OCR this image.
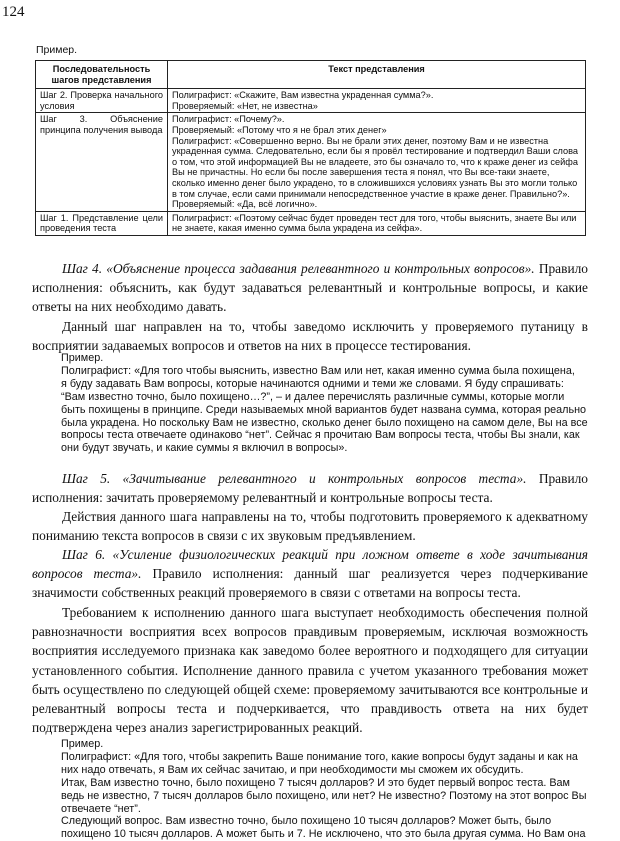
124
Пример.
Последовательность шагов представления	Текст представления
Шаг 2. Проверка начального условия	Полиграфист: «Скажите, Вам известна украденная сумма?».
Проверяемый: «Нет, не известна»

Шаг 3. Объяснение принципа получения вывода	Полиграфист: «Почему?».
Проверяемый: «Потому что я не брал этих денег»
Полиграфист: «Совершенно верно. Вы не брали этих денег, поэтому Вам и не известна украденная сумма. Следовательно, если бы я провёл тестирование и подтвердил Ваши слова о том, что этой информацией Вы не владеете, это бы означало то, что к краже денег из сейфа Вы не причастны. Но если бы после завершения теста я понял, что Вы все-таки знаете, сколько именно денег было украдено, то в сложившихся условиях узнать Вы это могли только в том случае, если сами принимали непосредственное участие в краже денег. Правильно?».
Проверяемый: «Да, всё логично».

Шаг 1. Представление цели проведения теста	Полиграфист: «Поэтому сейчас будет проведен тест для того, чтобы выяснить, знаете Вы или не знаете, какая именно сумма была украдена из сейфа».
Шаг 4. «Объяснение процесса задавания релевантного и контрольных вопросов». Правило исполнения: объяснить, как будут задаваться релевантный и контрольные вопросы, и какие ответы на них необходимо давать.
Данный шаг направлен на то, чтобы заведомо исключить у проверяемого путаницу в восприятии задаваемых вопросов и ответов на них в процессе тестирования.
Пример.
Полиграфист: «Для того чтобы выяснить, известно Вам или нет, какая именно сумма была похищена,
я буду задавать Вам вопросы, которые начинаются одними и теми же словами. Я буду спрашивать:
“Вам известно точно, было похищено…?”, – и далее перечислять различные суммы, которые могли
быть похищены в принципе. Среди называемых мной вариантов будет названа сумма, которая реально
была украдена. Но поскольку Вам не известно, сколько денег было похищено на самом деле, Вы на все
вопросы теста отвечаете одинаково “нет”. Сейчас я прочитаю Вам вопросы теста, чтобы Вы знали, как
они будут звучать, и какие суммы я включил в вопросы».
Шаг 5. «Зачитывание релевантного и контрольных вопросов теста». Правило исполнения: зачитать проверяемому релевантный и контрольные вопросы теста.
Действия данного шага направлены на то, чтобы подготовить проверяемого к адекватному пониманию текста вопросов в связи с их звуковым предъявлением.
Шаг 6. «Усиление физиологических реакций при ложном ответе в ходе зачитывания вопросов теста». Правило исполнения: данный шаг реализуется через подчеркивание значимости собственных реакций проверяемого в связи с ответами на вопросы теста.
Требованием к исполнению данного шага выступает необходимость обеспечения полной равнозначности восприятия всех вопросов правдивым проверяемым, исключая возможность восприятия исследуемого признака как заведомо более вероятного и подходящего для ситуации установленного события. Исполнение данного правила с учетом указанного требования может быть осуществлено по следующей общей схеме: проверяемому зачитываются все контрольные и релевантный вопросы теста и подчеркивается, что правдивость ответа на них будет подтверждена через анализ зарегистрированных реакций.
Пример.
Полиграфист: «Для того, чтобы закрепить Ваше понимание того, какие вопросы будут заданы и как на
них надо отвечать, я Вам их сейчас зачитаю, и при необходимости мы сможем их обсудить.
Итак, Вам известно точно, было похищено 7 тысяч долларов? И это будет первый вопрос теста. Вам
ведь не известно, 7 тысяч долларов было похищено, или нет? Не известно? Поэтому на этот вопрос Вы
отвечаете “нет”.
Следующий вопрос. Вам известно точно, было похищено 10 тысяч долларов? Может быть, было
похищено 10 тысяч долларов. А может быть и 7. Не исключено, что это была другая сумма. Но Вам она
